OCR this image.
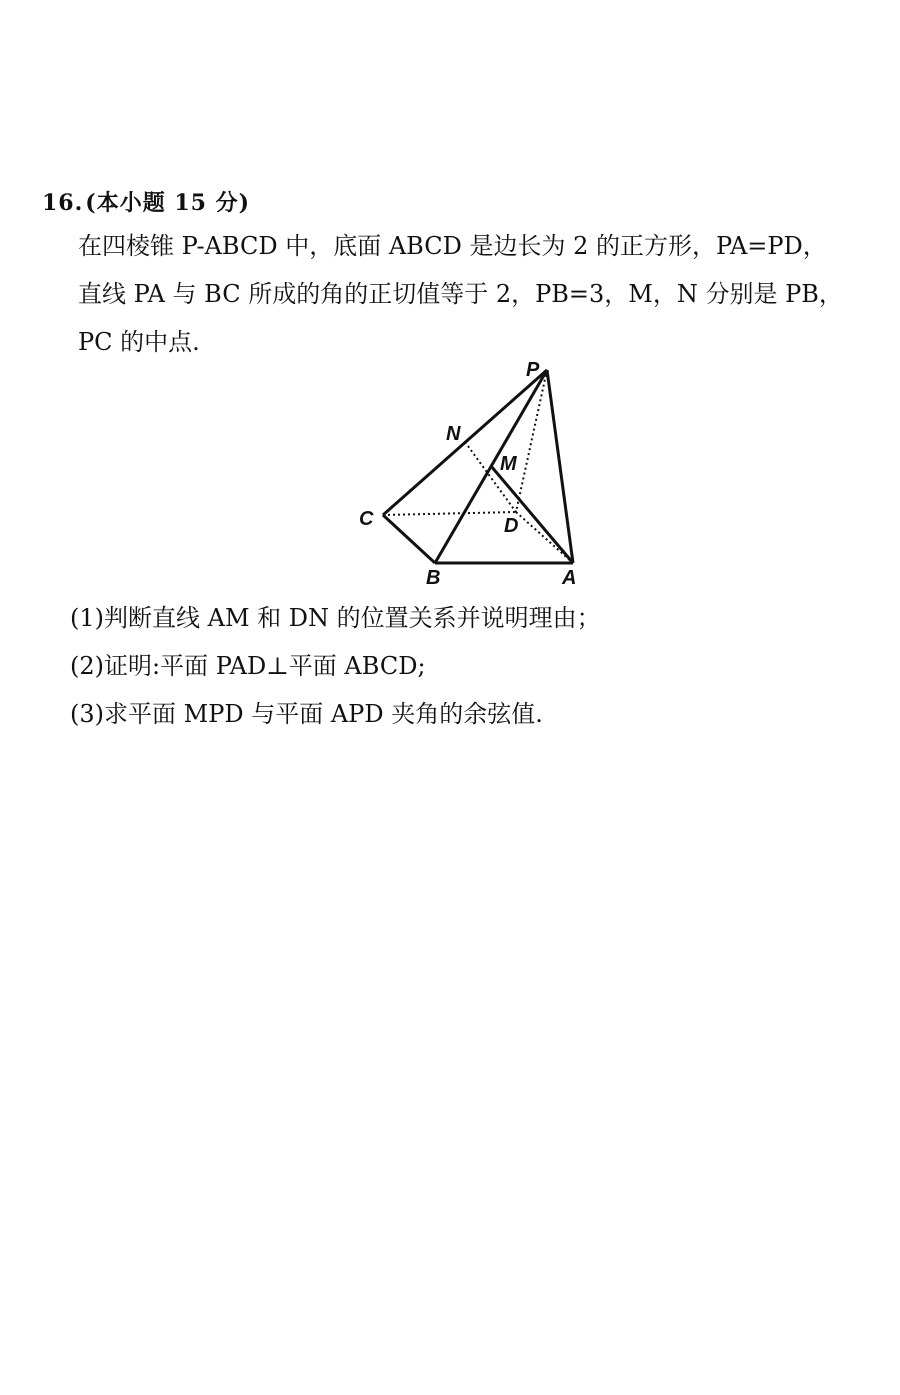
16.(本小题 15 分)
在四棱锥 P-ABCD 中，底面 ABCD 是边长为 2 的正方形，PA=PD，
直线 PA 与 BC 所成的角的正切值等于 2，PB=3，M，N 分别是 PB，
PC 的中点.
P
N
M
C	D
B	A
(1)判断直线 AM 和 DN 的位置关系并说明理由；
(2)证明:平面 PAD⊥平面 ABCD;
(3)求平面 MPD 与平面 APD 夹角的余弦值.
